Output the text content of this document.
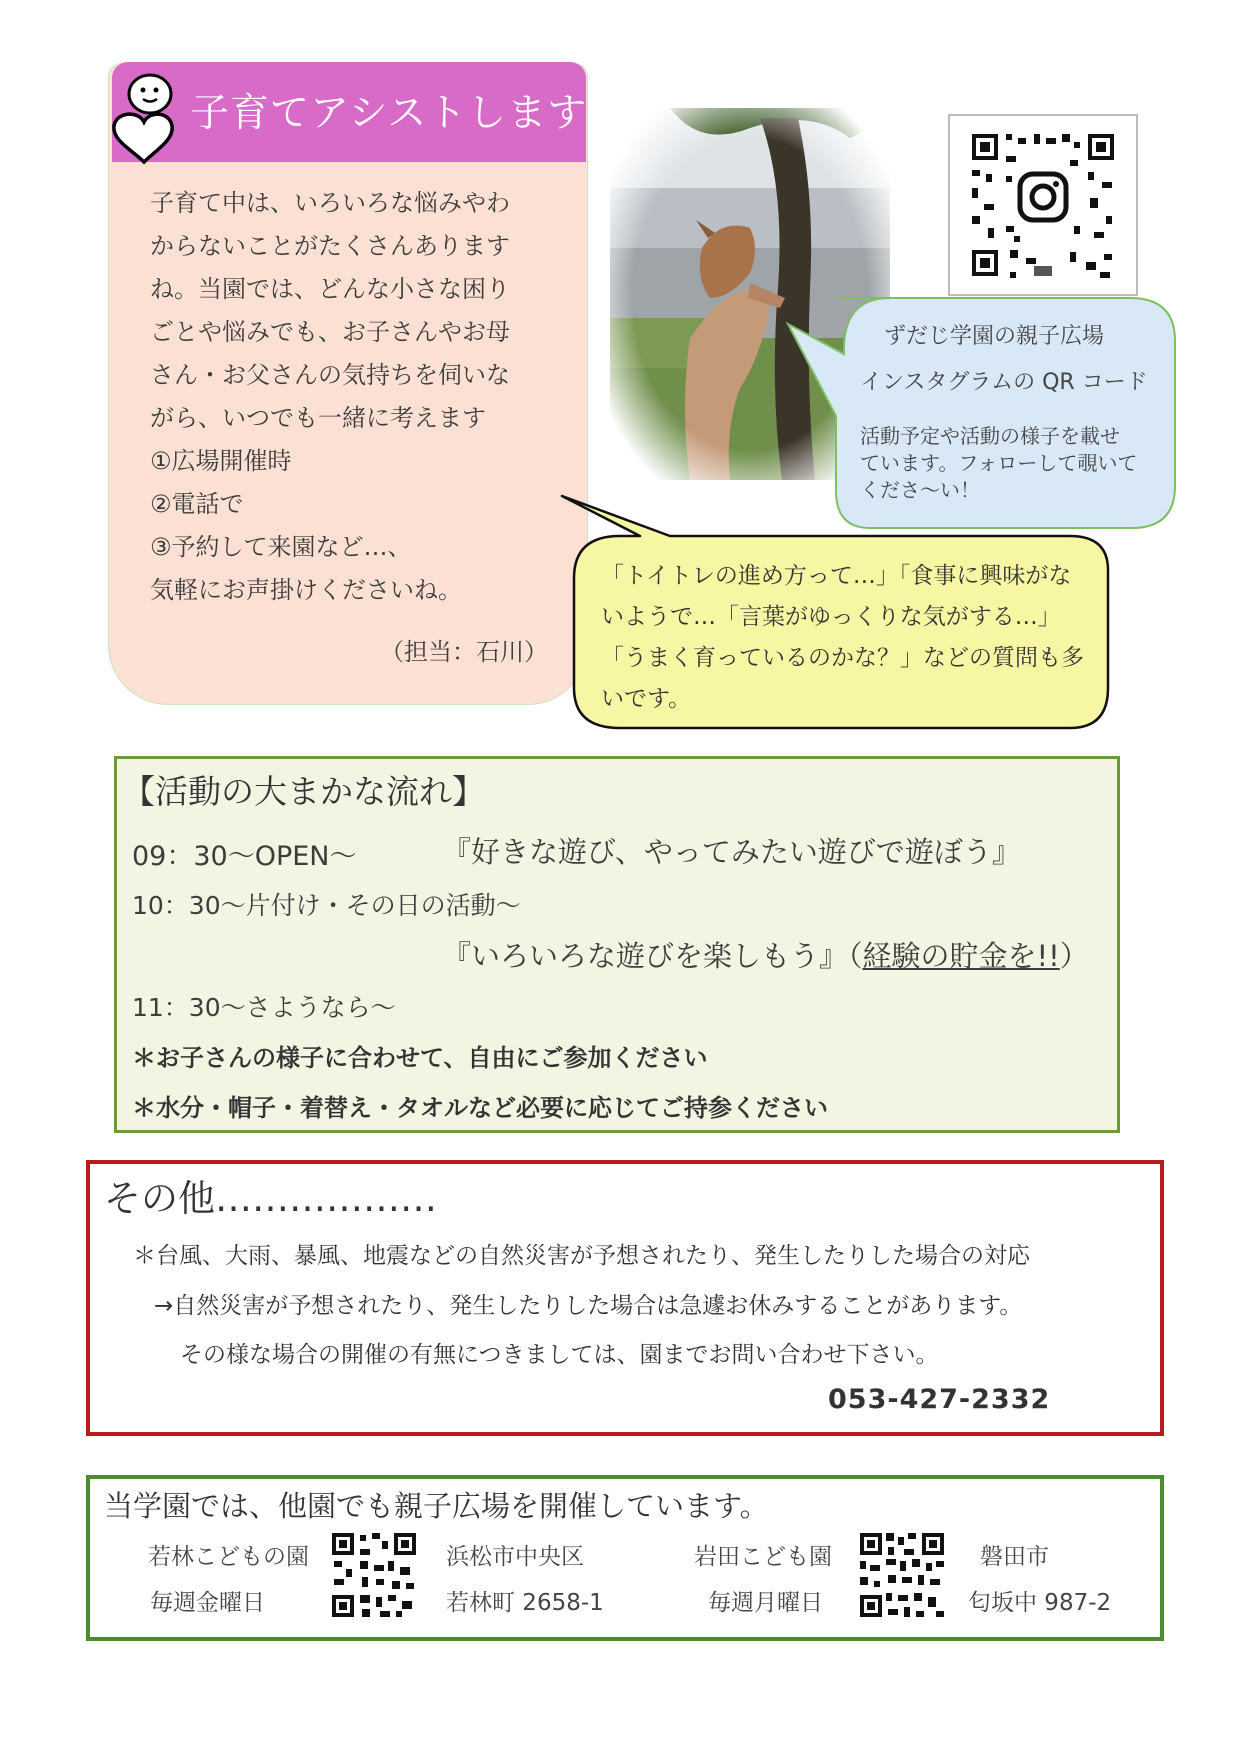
子育てアシストします
子育て中は、いろいろな悩みやわ
からないことがたくさんあります
ね。当園では、どんな小さな困り
ごとや悩みでも、お子さんやお母
さん・お父さんの気持ちを伺いな
がら、いつでも一緒に考えます
①広場開催時
②電話で
③予約して来園など…、
気軽にお声掛けくださいね。
（担当：石川）
ずだじ学園の親子広場
インスタグラムの QR コード
活動予定や活動の様子を載せ
ています。フォローして覗いて
くださ～い！
「トイトレの進め方って…」「食事に興味がな
いようで…「言葉がゆっくりな気がする…」
「うまく育っているのかな？」などの質問も多
いです。
【活動の大まかな流れ】
09：30～OPEN～	『好きな遊び、やってみたい遊びで遊ぼう』
10：30～片付け・その日の活動～
『いろいろな遊びを楽しもう』（経験の貯金を!!）
11：30～さようなら～
＊お子さんの様子に合わせて、自由にご参加ください
＊水分・帽子・着替え・タオルなど必要に応じてご持参ください
その他………………
＊台風、大雨、暴風、地震などの自然災害が予想されたり、発生したりした場合の対応
→自然災害が予想されたり、発生したりした場合は急遽お休みすることがあります。
その様な場合の開催の有無につきましては、園までお問い合わせ下さい。
053-427-2332
当学園では、他園でも親子広場を開催しています。
若林こどもの園
毎週金曜日
浜松市中央区
若林町 2658-1
岩田こども園
毎週月曜日
磐田市
匂坂中 987-2
